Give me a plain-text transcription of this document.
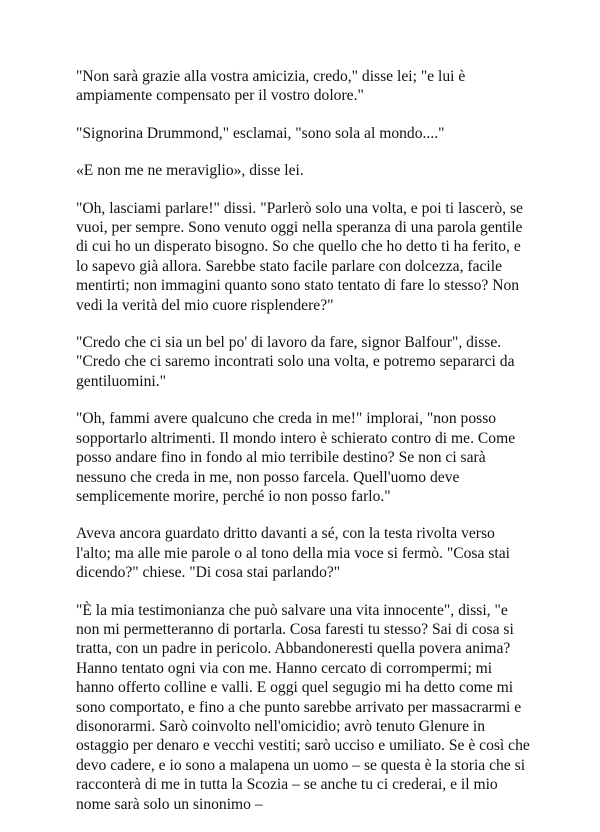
"Non sarà grazie alla vostra amicizia, credo," disse lei; "e lui è ampiamente compensato per il vostro dolore."

"Signorina Drummond," esclamai, "sono sola al mondo...."

«E non me ne meraviglio», disse lei.

"Oh, lasciami parlare!" dissi. "Parlerò solo una volta, e poi ti lascerò, se vuoi, per sempre. Sono venuto oggi nella speranza di una parola gentile di cui ho un disperato bisogno. So che quello che ho detto ti ha ferito, e lo sapevo già allora. Sarebbe stato facile parlare con dolcezza, facile mentirti; non immagini quanto sono stato tentato di fare lo stesso? Non vedi la verità del mio cuore risplendere?"

"Credo che ci sia un bel po' di lavoro da fare, signor Balfour", disse. "Credo che ci saremo incontrati solo una volta, e potremo separarci da gentiluomini."

"Oh, fammi avere qualcuno che creda in me!" implorai, "non posso sopportarlo altrimenti. Il mondo intero è schierato contro di me. Come posso andare fino in fondo al mio terribile destino? Se non ci sarà nessuno che creda in me, non posso farcela. Quell'uomo deve semplicemente morire, perché io non posso farlo."

Aveva ancora guardato dritto davanti a sé, con la testa rivolta verso l'alto; ma alle mie parole o al tono della mia voce si fermò. "Cosa stai dicendo?" chiese. "Di cosa stai parlando?"

"È la mia testimonianza che può salvare una vita innocente", dissi, "e non mi permetteranno di portarla. Cosa faresti tu stesso? Sai di cosa si tratta, con un padre in pericolo. Abbandoneresti quella povera anima? Hanno tentato ogni via con me. Hanno cercato di corrompermi; mi hanno offerto colline e valli. E oggi quel segugio mi ha detto come mi sono comportato, e fino a che punto sarebbe arrivato per massacrarmi e disonorarmi. Sarò coinvolto nell'omicidio; avrò tenuto Glenure in ostaggio per denaro e vecchi vestiti; sarò ucciso e umiliato. Se è così che devo cadere, e io sono a malapena un uomo – se questa è la storia che si racconterà di me in tutta la Scozia – se anche tu ci crederai, e il mio nome sarà solo un sinonimo –
